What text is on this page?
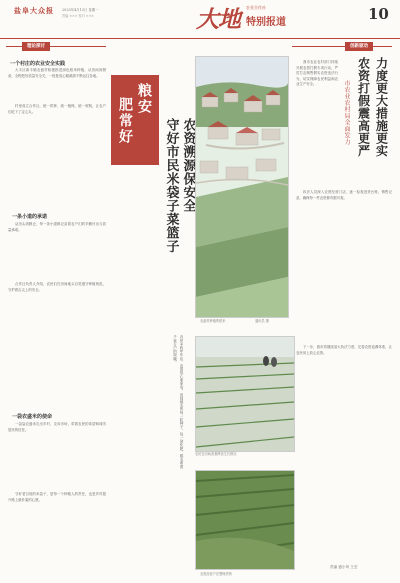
盐阜大众报 2025年4月13日 星期一
责编 ××× 校对 ×××	大地 农业合作社
特别报道	10
理论探讨	创新驱动
一个村庄的农业安全实践
大丰区新丰镇农盛村积极推进绿色稻米种植，从田间到餐桌，全程把好质量安全关，一批批放心粮源源不断运往各地。
村里成立合作社，统一供种、统一植保、统一收购，让农户们吃下了定心丸。
一条小道的承诺
从田头到粮仓，每一条小道都记录着农户们的辛勤付出与质量承诺。
合作社负责人介绍，农民们在田间地头自觉遵守种植规范，守护着舌尖上的安全。
一袋农盛米的使命
一袋袋农盛米走出乡村，走向市场，带着农民的希望和城市居民的信任。
守好老百姓的米袋子，是每一个种粮人的责任，也是乡村振兴路上最朴素的心愿。
粮安
肥常好	农资溯源保安全
守好市民米袋子菜篮子
农盛村种植的稻米	通讯员 摄
农民丰收年年乐，农资放心家家安。田间地头的每一粒种子、每一袋化肥，都关系着千家万户的饭碗。
农民在田间查看秧苗生长情况
农资经营户在整理货物
力度更大措施更实
农资打假震高更严
市农业农村局全面发力
我市农业农村部门持续开展农资打假专项行动，严厉打击制售假劣农资违法行为，切实保障农民利益和农业生产安全。
执法人员深入农资经营门店，逐一检查进货台账、销售记录，确保每一件农资都有据可查。
下一步，我市将继续加大执法力度，完善农资追溯体系，让农民用上放心农资。
责编 盛小风 王芸
